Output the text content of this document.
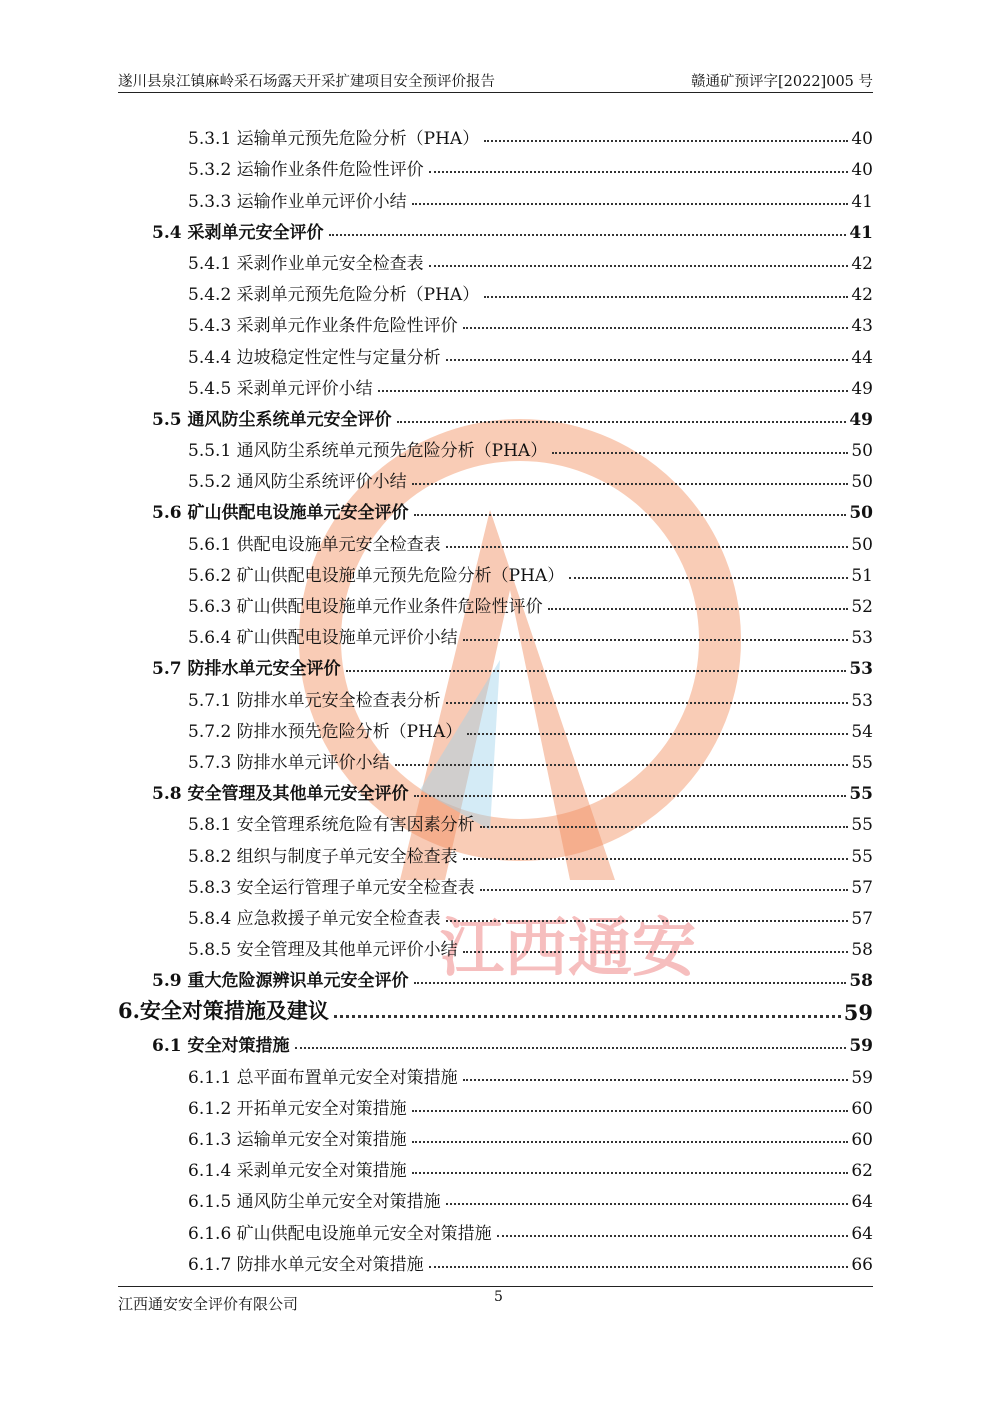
遂川县泉江镇麻岭采石场露天开采扩建项目安全预评价报告	赣通矿预评字[2022]005 号
江西通安
5.3.1 运输单元预先危险分析（PHA）	40
5.3.2 运输作业条件危险性评价	40
5.3.3 运输作业单元评价小结	41
5.4 采剥单元安全评价	41
5.4.1 采剥作业单元安全检查表	42
5.4.2 采剥单元预先危险分析（PHA）	42
5.4.3 采剥单元作业条件危险性评价	43
5.4.4 边坡稳定性定性与定量分析	44
5.4.5 采剥单元评价小结	49
5.5 通风防尘系统单元安全评价	49
5.5.1 通风防尘系统单元预先危险分析（PHA）	50
5.5.2 通风防尘系统评价小结	50
5.6 矿山供配电设施单元安全评价	50
5.6.1 供配电设施单元安全检查表	50
5.6.2 矿山供配电设施单元预先危险分析（PHA）	51
5.6.3 矿山供配电设施单元作业条件危险性评价	52
5.6.4 矿山供配电设施单元评价小结	53
5.7 防排水单元安全评价	53
5.7.1 防排水单元安全检查表分析	53
5.7.2 防排水预先危险分析（PHA）	54
5.7.3 防排水单元评价小结	55
5.8 安全管理及其他单元安全评价	55
5.8.1 安全管理系统危险有害因素分析	55
5.8.2 组织与制度子单元安全检查表	55
5.8.3 安全运行管理子单元安全检查表	57
5.8.4 应急救援子单元安全检查表	57
5.8.5 安全管理及其他单元评价小结	58
5.9 重大危险源辨识单元安全评价	58
6.安全对策措施及建议	59
6.1 安全对策措施	59
6.1.1 总平面布置单元安全对策措施	59
6.1.2 开拓单元安全对策措施	60
6.1.3 运输单元安全对策措施	60
6.1.4 采剥单元安全对策措施	62
6.1.5 通风防尘单元安全对策措施	64
6.1.6 矿山供配电设施单元安全对策措施	64
6.1.7 防排水单元安全对策措施	66
江西通安安全评价有限公司	5
